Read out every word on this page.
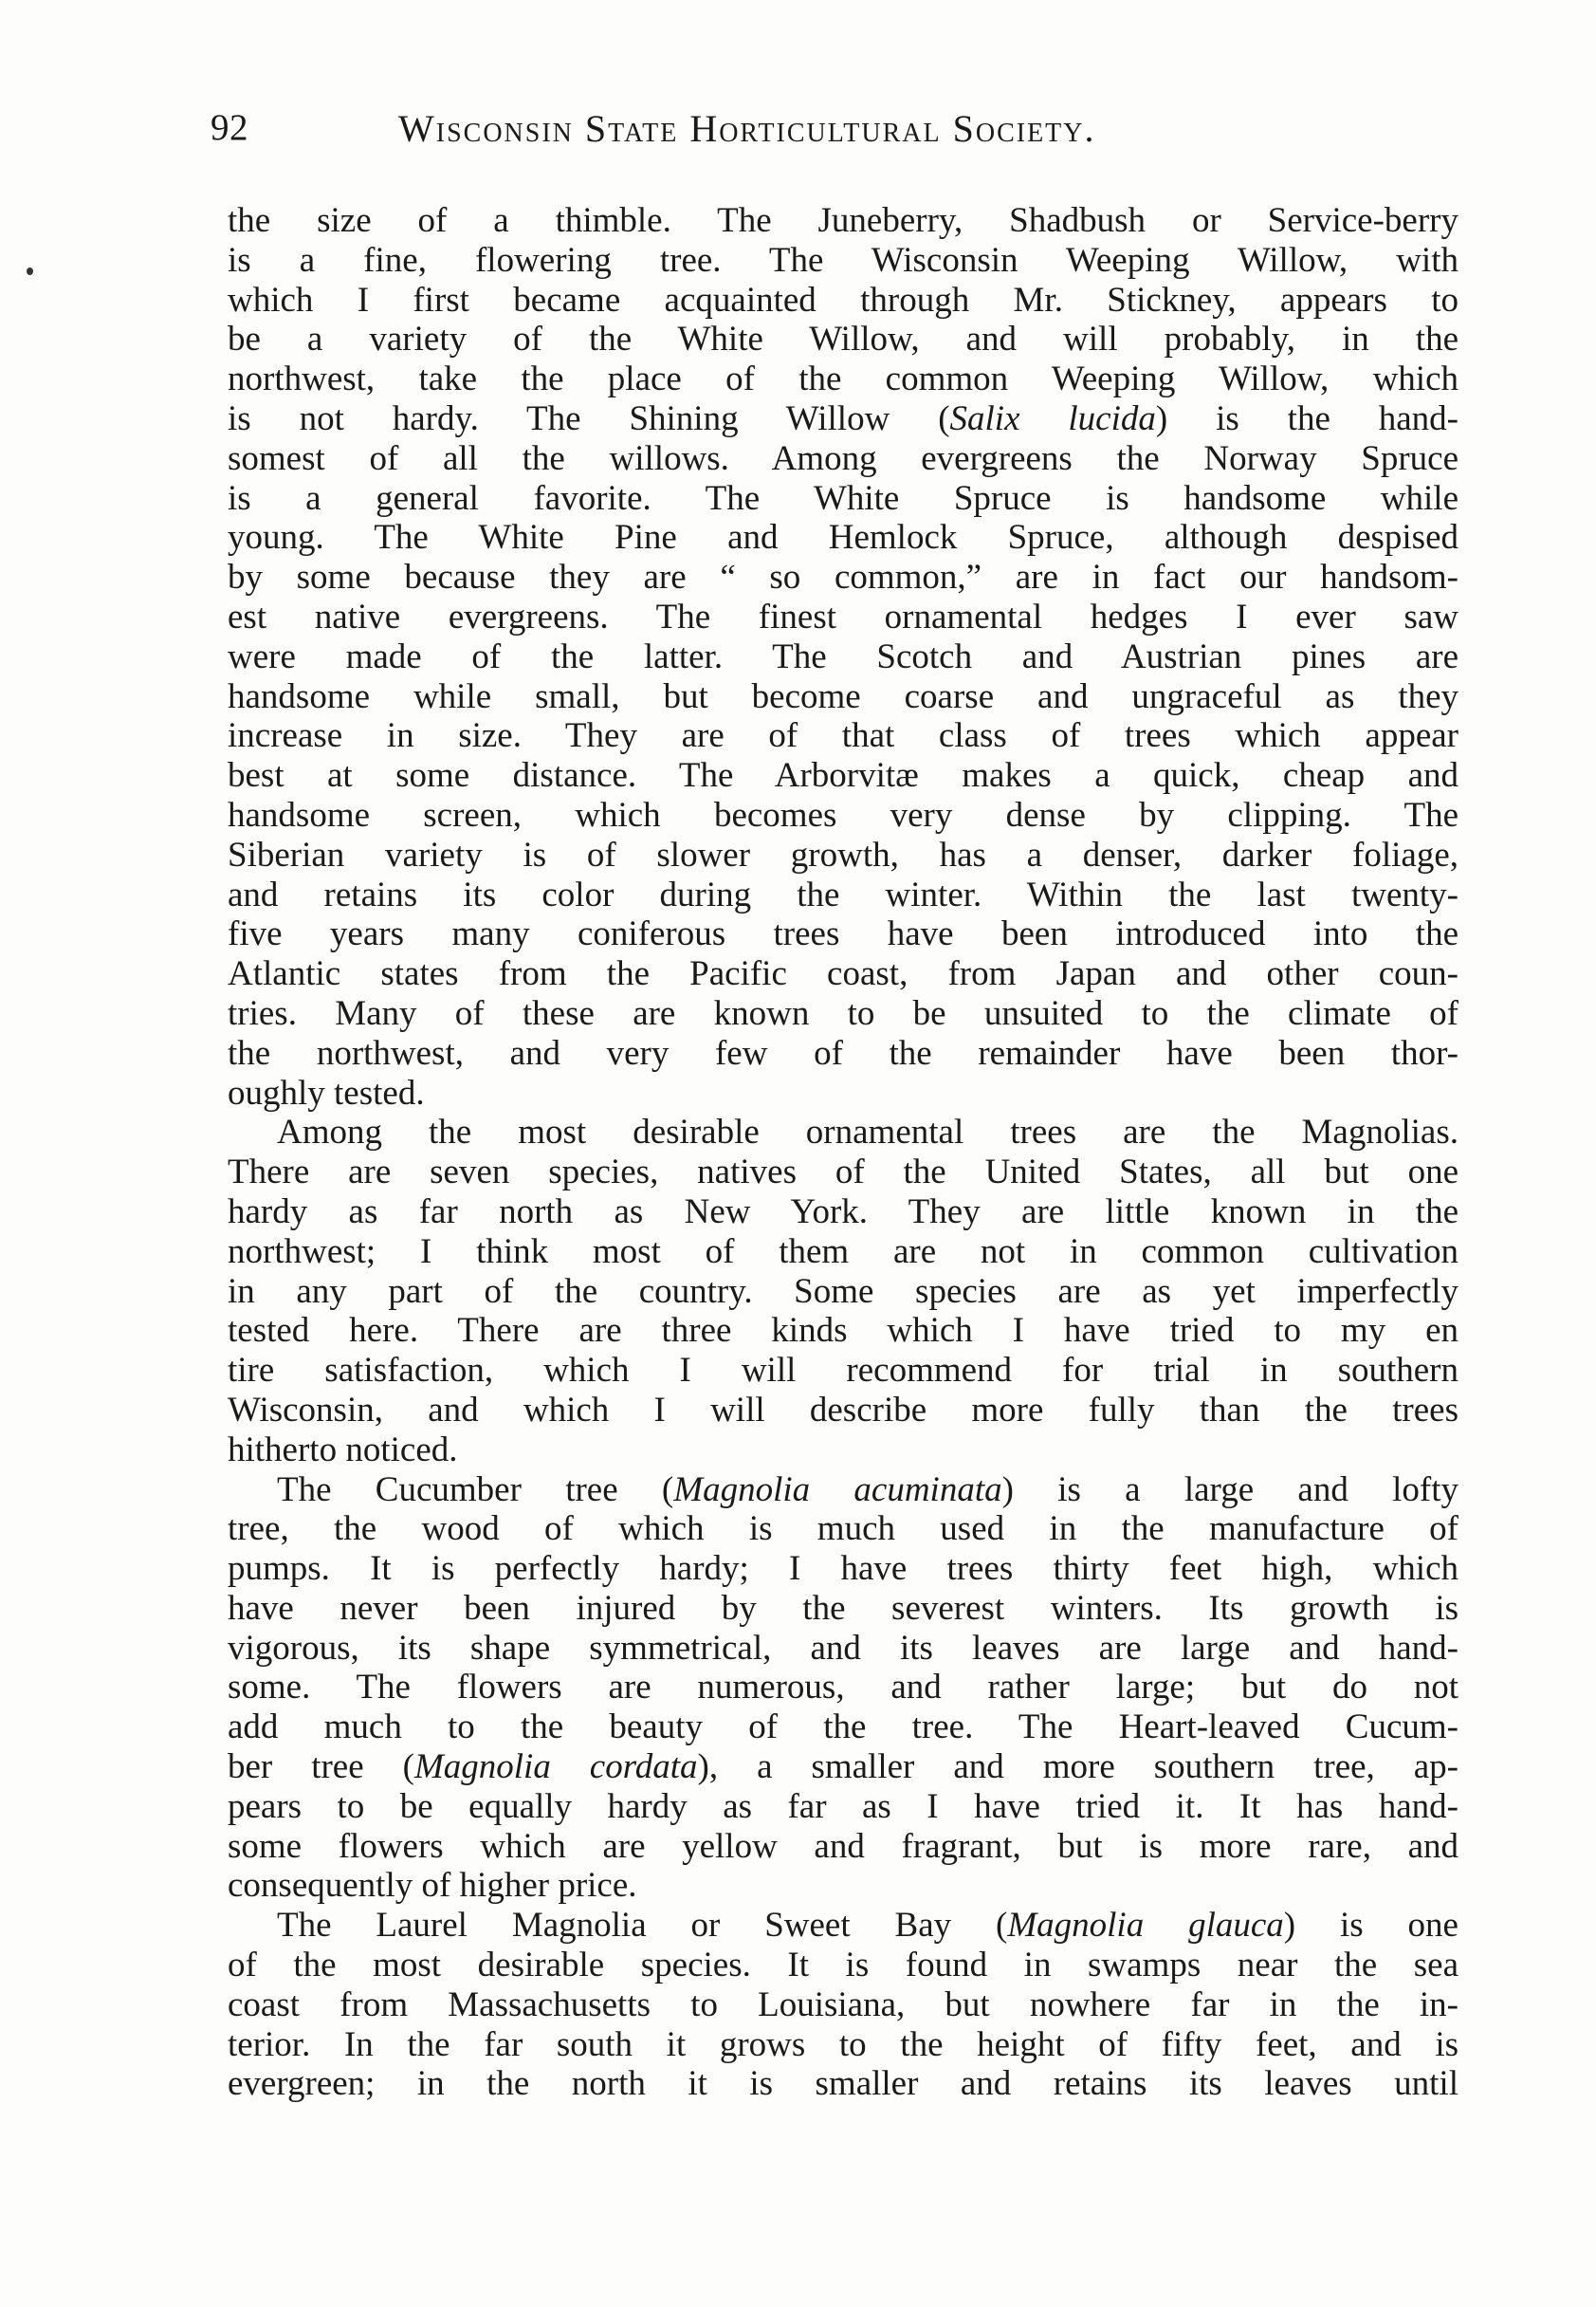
92	Wisconsin State Horticultural Society.
the size of a thimble. The Juneberry, Shadbush or Service-berry
is a fine, flowering tree. The Wisconsin Weeping Willow, with
which I first became acquainted through Mr. Stickney, appears to
be a variety of the White Willow, and will probably, in the
northwest, take the place of the common Weeping Willow, which
is not hardy. The Shining Willow (Salix lucida) is the hand-
somest of all the willows. Among evergreens the Norway Spruce
is a general favorite. The White Spruce is handsome while
young. The White Pine and Hemlock Spruce, although despised
by some because they are “ so common,” are in fact our handsom-
est native evergreens. The finest ornamental hedges I ever saw
were made of the latter. The Scotch and Austrian pines are
handsome while small, but become coarse and ungraceful as they
increase in size. They are of that class of trees which appear
best at some distance. The Arborvitæ makes a quick, cheap and
handsome screen, which becomes very dense by clipping. The
Siberian variety is of slower growth, has a denser, darker foliage,
and retains its color during the winter. Within the last twenty-
five years many coniferous trees have been introduced into the
Atlantic states from the Pacific coast, from Japan and other coun-
tries. Many of these are known to be unsuited to the climate of
the northwest, and very few of the remainder have been thor-
oughly tested.
Among the most desirable ornamental trees are the Magnolias.
There are seven species, natives of the United States, all but one
hardy as far north as New York. They are little known in the
northwest; I think most of them are not in common cultivation
in any part of the country. Some species are as yet imperfectly
tested here. There are three kinds which I have tried to my en
tire satisfaction, which I will recommend for trial in southern
Wisconsin, and which I will describe more fully than the trees
hitherto noticed.
The Cucumber tree (Magnolia acuminata) is a large and lofty
tree, the wood of which is much used in the manufacture of
pumps. It is perfectly hardy; I have trees thirty feet high, which
have never been injured by the severest winters. Its growth is
vigorous, its shape symmetrical, and its leaves are large and hand-
some. The flowers are numerous, and rather large; but do not
add much to the beauty of the tree. The Heart-leaved Cucum-
ber tree (Magnolia cordata), a smaller and more southern tree, ap-
pears to be equally hardy as far as I have tried it. It has hand-
some flowers which are yellow and fragrant, but is more rare, and
consequently of higher price.
The Laurel Magnolia or Sweet Bay (Magnolia glauca) is one
of the most desirable species. It is found in swamps near the sea
coast from Massachusetts to Louisiana, but nowhere far in the in-
terior. In the far south it grows to the height of fifty feet, and is
evergreen; in the north it is smaller and retains its leaves until
